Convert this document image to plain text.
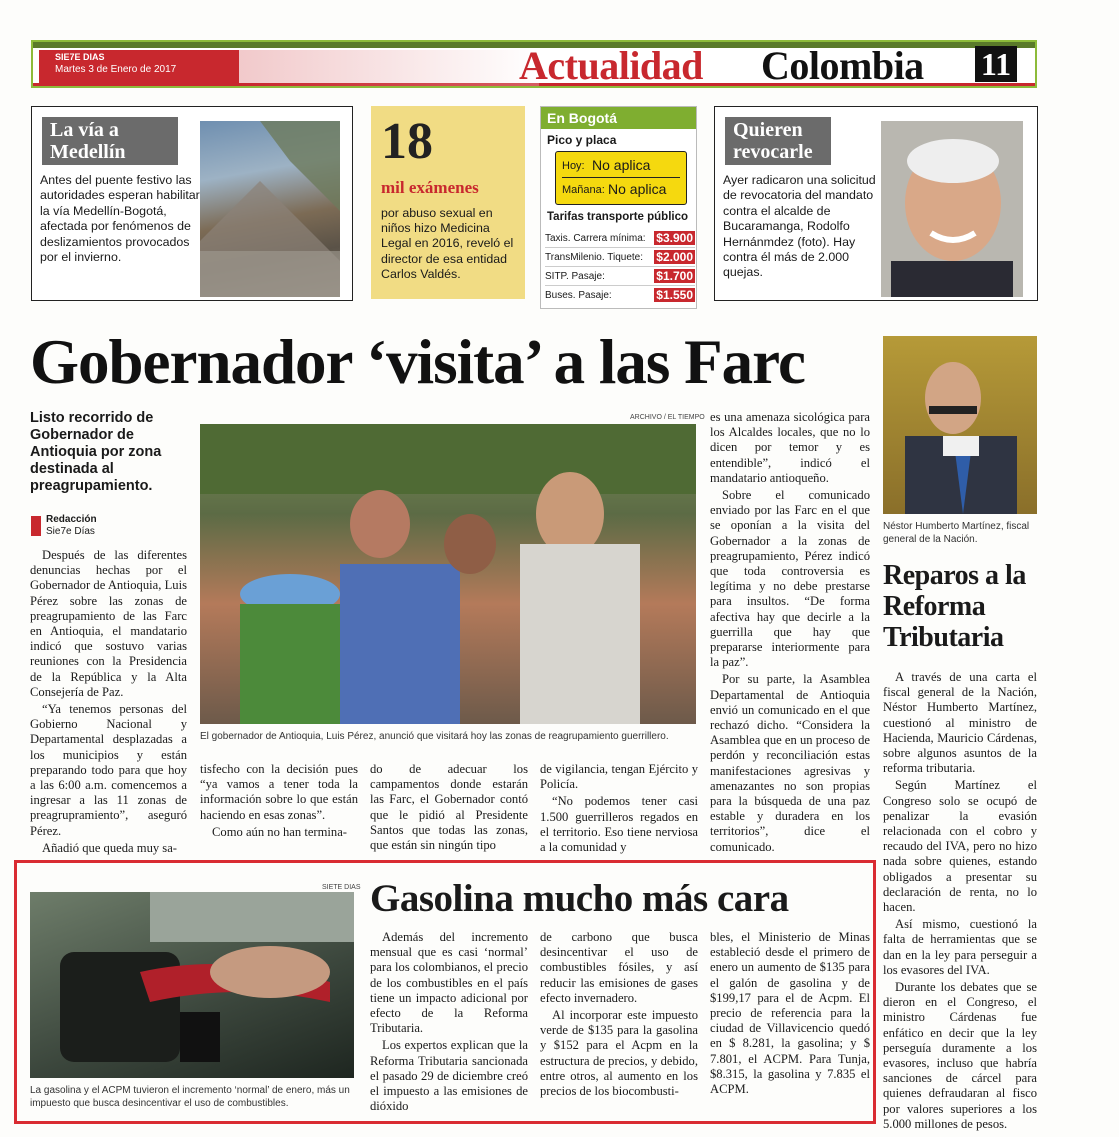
SIE7E DIAS
Martes 3 de Enero de 2017	Actualidad Colombia 11
La vía a Medellín
Antes del puente festivo las autoridades esperan habilitar la vía Medellín-Bogotá, afectada por fenómenos de deslizamientos provocados por el invierno.
18
mil exámenes
por abuso sexual en niños hizo Medicina Legal en 2016, reveló el director de esa entidad Carlos Valdés.
En Bogotá
Pico y placa
Hoy: No aplica
Mañana: No aplica
Tarifas transporte público
Taxis. Carrera mínima: $3.900
TransMilenio. Tiquete: $2.000
SITP. Pasaje:	$1.700
Buses. Pasaje:	$1.550
Quieren revocarle
Ayer radicaron una solicitud de revocatoria del mandato contra el alcalde de Bucaramanga, Rodolfo Hernánmdez (foto). Hay contra él más de 2.000 quejas.
Gobernador ‘visita’ a las Farc
Listo recorrido de Gobernador de Antioquia por zona destinada al preagrupamiento.
Redacción
Sie7e Días
ARCHIVO / EL TIEMPO
El gobernador de Antioquia, Luis Pérez, anunció que visitará hoy las zonas de reagrupamiento guerrillero.

Después de las diferentes denuncias hechas por el Gobernador de Antioquia, Luis Pérez sobre las zonas de preagrupamiento de las Farc en Antioquia, el mandatario indicó que sostuvo varias reuniones con la Presidencia de la República y la Alta Consejería de Paz.

“Ya tenemos personas del Gobierno Nacional y Departamental desplazadas a los municipios y están preparando todo para que hoy a las 6:00 a.m. comencemos a ingresar a las 11 zonas de preagrupramiento”, aseguró Pérez.

Añadió que queda muy sa-

tisfecho con la decisión pues “ya vamos a tener toda la información sobre lo que están haciendo en esas zonas”.

Como aún no han termina-

do de adecuar los campamentos donde estarán las Farc, el Gobernador contó que le pidió al Presidente Santos que todas las zonas, que están sin ningún tipo

de vigilancia, tengan Ejército y Policía.

“No podemos tener casi 1.500 guerrilleros regados en el territorio. Eso tiene nerviosa a la comunidad y

es una amenaza sicológica para los Alcaldes locales, que no lo dicen por temor y es entendible”, indicó el mandatario antioqueño.

Sobre el comunicado enviado por las Farc en el que se oponían a la visita del Gobernador a la zonas de preagrupamiento, Pérez indicó que toda controversia es legítima y no debe prestarse para insultos. “De forma afectiva hay que decirle a la guerrilla que hay que prepararse interiormente para la paz”.

Por su parte, la Asamblea Departamental de Antioquia envió un comunicado en el que rechazó dicho. “Considera la Asamblea que en un proceso de perdón y reconciliación estas manifestaciones agresivas y amenazantes no son propias para la búsqueda de una paz estable y duradera en los territorios”, dice el comunicado.

Néstor Humberto Martínez, fiscal general de la Nación.
Reparos a la Reforma Tributaria

A través de una carta el fiscal general de la Nación, Néstor Humberto Martínez, cuestionó al ministro de Hacienda, Mauricio Cárdenas, sobre algunos asuntos de la reforma tributaria.

Según Martínez el Congreso solo se ocupó de penalizar la evasión relacionada con el cobro y recaudo del IVA, pero no hizo nada sobre quienes, estando obligados a presentar su declaración de renta, no lo hacen.

Así mismo, cuestionó la falta de herramientas que se dan en la ley para perseguir a los evasores del IVA.

Durante los debates que se dieron en el Congreso, el ministro Cárdenas fue enfático en decir que la ley perseguía duramente a los evasores, incluso que habría sanciones de cárcel para quienes defraudaran al fisco por valores superiores a los 5.000 millones de pesos.

SIETE DIAS
La gasolina y el ACPM tuvieron el incremento ‘normal’ de enero, más un impuesto que busca desincentivar el uso de combustibles.
Gasolina mucho más cara

Además del incremento mensual que es casi ‘normal’ para los colombianos, el precio de los combustibles en el país tiene un impacto adicional por efecto de la Reforma Tributaria.

Los expertos explican que la Reforma Tributaria sancionada el pasado 29 de diciembre creó el impuesto a las emisiones de dióxido

de carbono que busca desincentivar el uso de combustibles fósiles, y así reducir las emisiones de gases efecto invernadero.

Al incorporar este impuesto verde de $135 para la gasolina y $152 para el Acpm en la estructura de precios, y debido, entre otros, al aumento en los precios de los biocombusti-

bles, el Ministerio de Minas estableció desde el primero de enero un aumento de $135 para el galón de gasolina y de $199,17 para el de Acpm. El precio de referencia para la ciudad de Villavicencio quedó en $ 8.281, la gasolina; y $ 7.801, el ACPM. Para Tunja, $8.315, la gasolina y 7.835 el ACPM.
